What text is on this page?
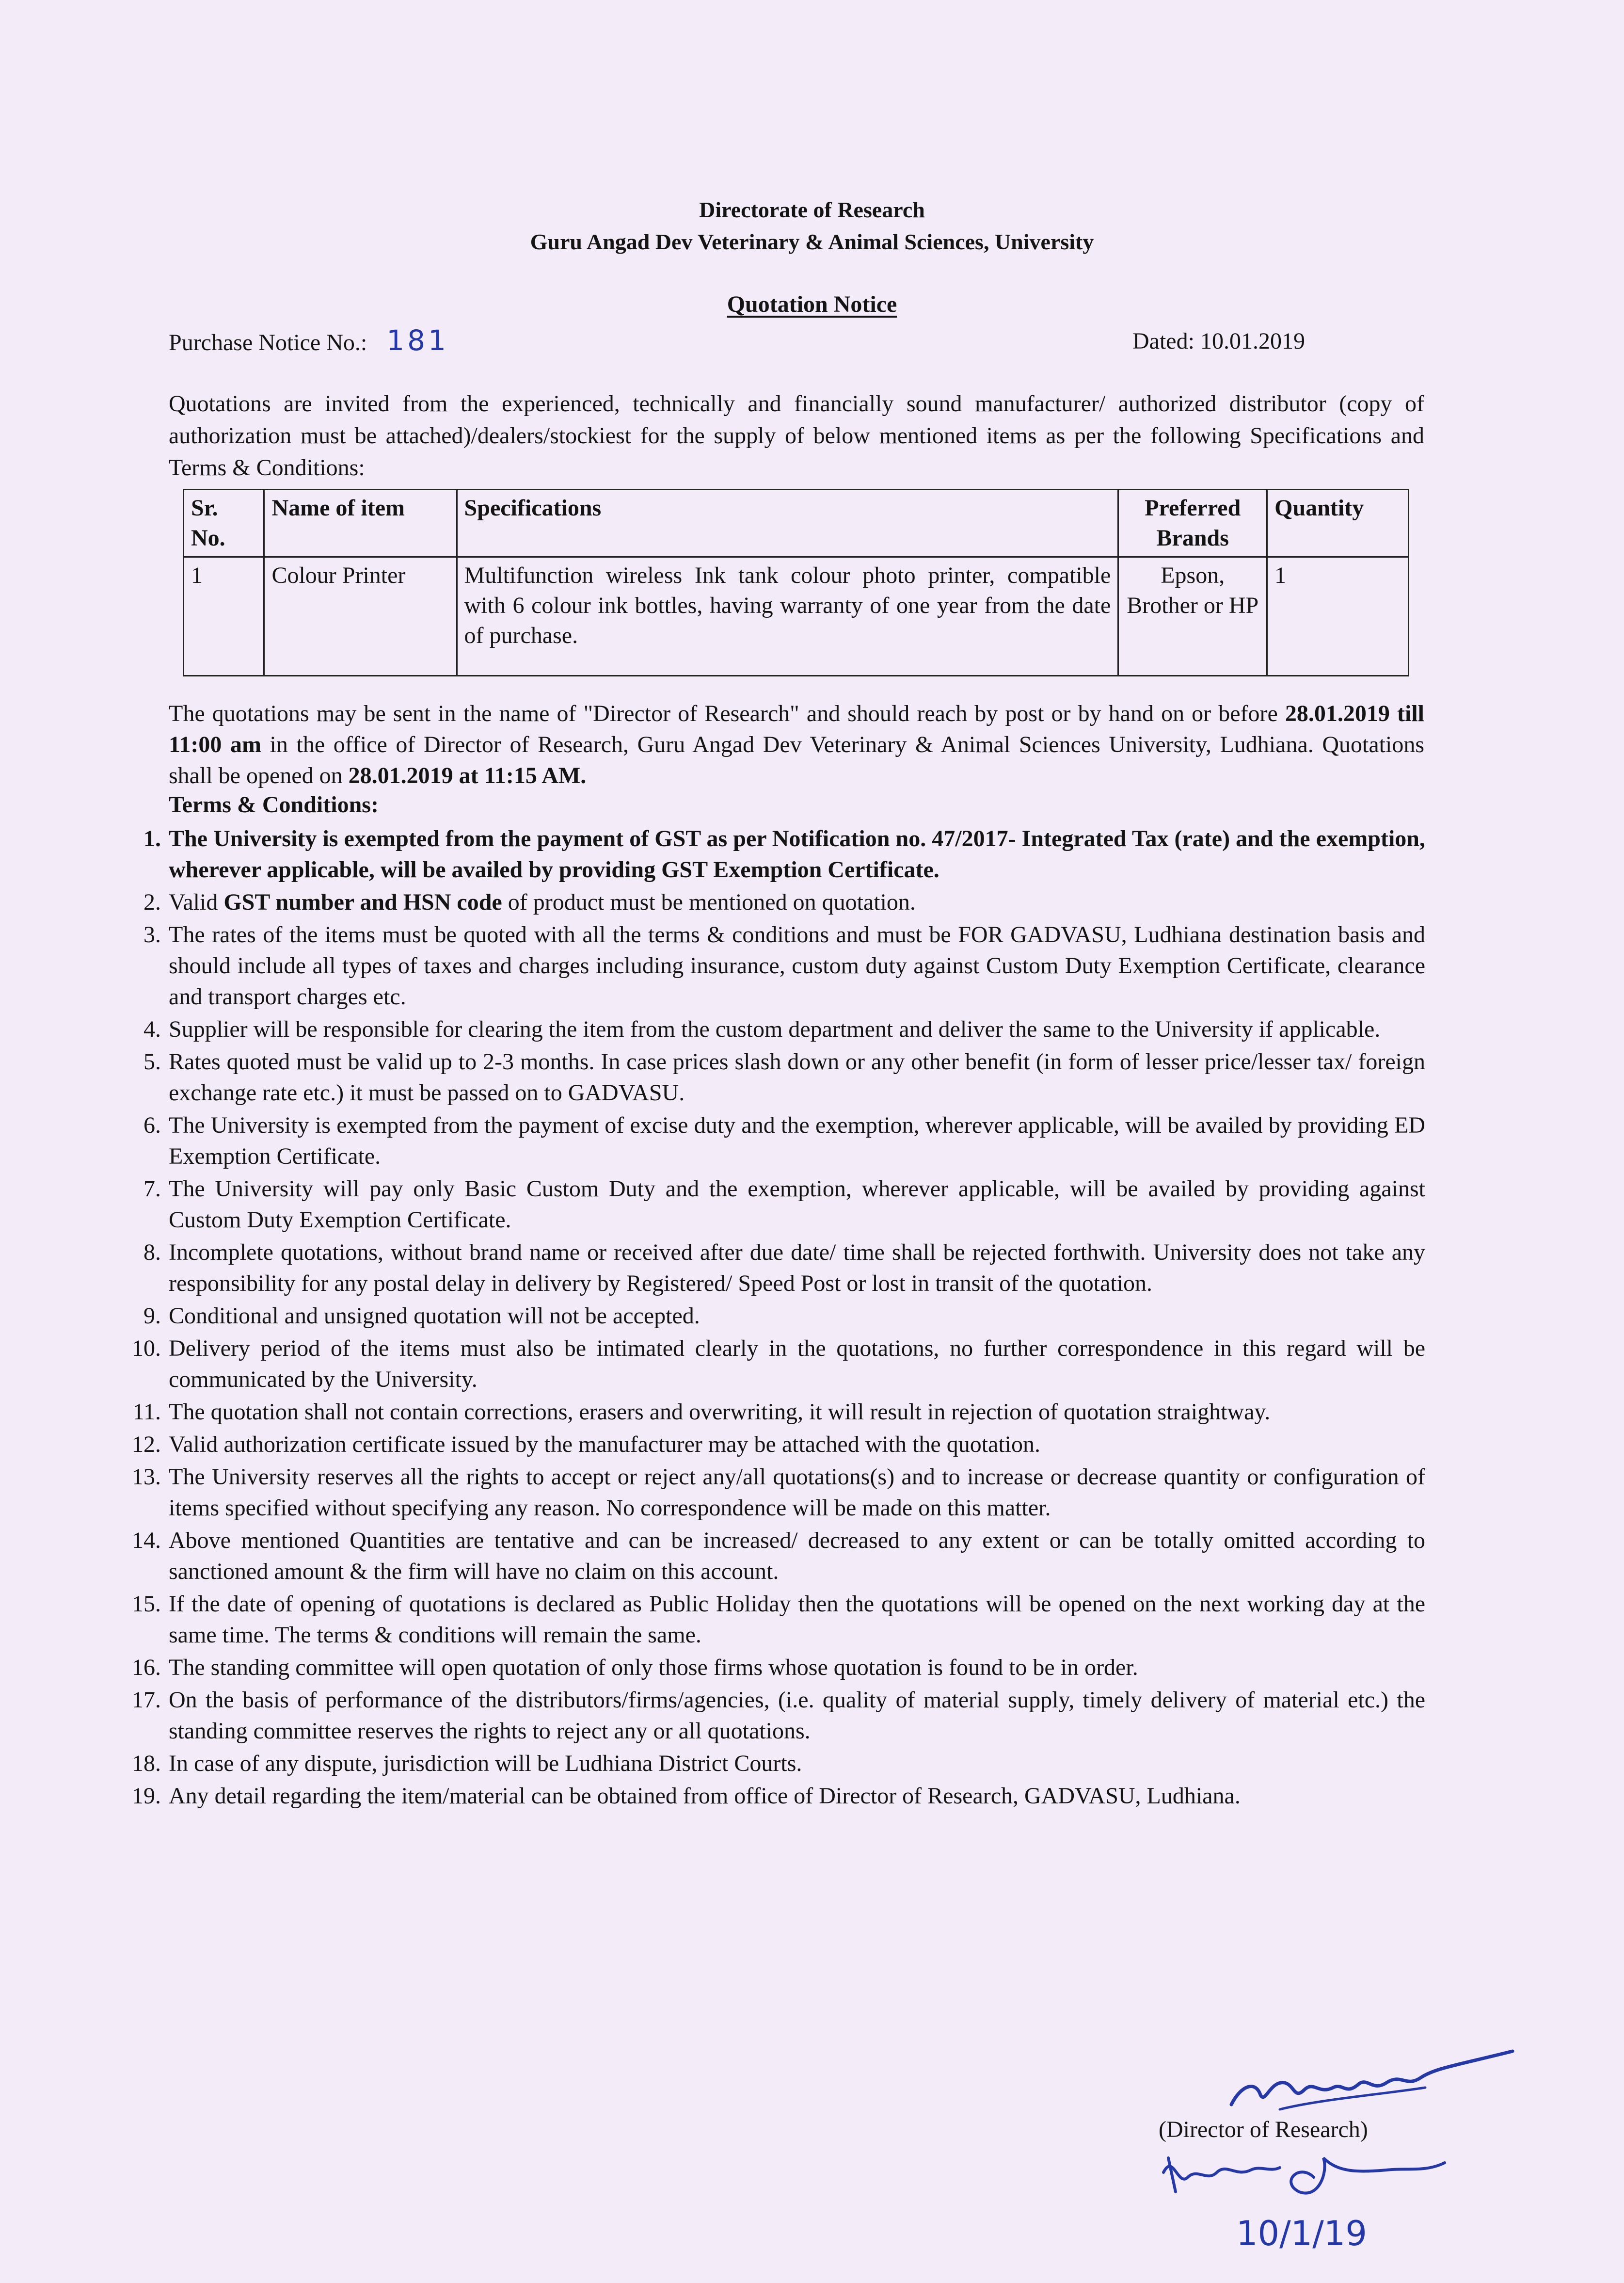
Directorate of Research
Guru Angad Dev Veterinary & Animal Sciences, University
Quotation Notice
Purchase Notice No.: 181	Dated: 10.01.2019
Quotations are invited from the experienced, technically and financially sound manufacturer/ authorized distributor (copy of authorization must be attached)/dealers/stockiest for the supply of below mentioned items as per the following Specifications and Terms & Conditions:
Sr. No.	Name of item	Specifications	Preferred Brands	Quantity
1	Colour Printer	Multifunction wireless Ink tank colour photo printer, compatible with 6 colour ink bottles, having warranty of one year from the date of purchase.	Epson, Brother or HP	1
The quotations may be sent in the name of "Director of Research" and should reach by post or by hand on or before 28.01.2019 till 11:00 am in the office of Director of Research, Guru Angad Dev Veterinary & Animal Sciences University, Ludhiana. Quotations shall be opened on 28.01.2019 at 11:15 AM.
Terms & Conditions:
1. The University is exempted from the payment of GST as per Notification no. 47/2017- Integrated Tax (rate) and the exemption, wherever applicable, will be availed by providing GST Exemption Certificate.
2. Valid GST number and HSN code of product must be mentioned on quotation.
3. The rates of the items must be quoted with all the terms & conditions and must be FOR GADVASU, Ludhiana destination basis and should include all types of taxes and charges including insurance, custom duty against Custom Duty Exemption Certificate, clearance and transport charges etc.
4. Supplier will be responsible for clearing the item from the custom department and deliver the same to the University if applicable.
5. Rates quoted must be valid up to 2-3 months. In case prices slash down or any other benefit (in form of lesser price/lesser tax/ foreign exchange rate etc.) it must be passed on to GADVASU.
6. The University is exempted from the payment of excise duty and the exemption, wherever applicable, will be availed by providing ED Exemption Certificate.
7. The University will pay only Basic Custom Duty and the exemption, wherever applicable, will be availed by providing against Custom Duty Exemption Certificate.
8. Incomplete quotations, without brand name or received after due date/ time shall be rejected forthwith. University does not take any responsibility for any postal delay in delivery by Registered/ Speed Post or lost in transit of the quotation.
9. Conditional and unsigned quotation will not be accepted.
10. Delivery period of the items must also be intimated clearly in the quotations, no further correspondence in this regard will be communicated by the University.
11. The quotation shall not contain corrections, erasers and overwriting, it will result in rejection of quotation straightway.
12. Valid authorization certificate issued by the manufacturer may be attached with the quotation.
13. The University reserves all the rights to accept or reject any/all quotations(s) and to increase or decrease quantity or configuration of items specified without specifying any reason. No correspondence will be made on this matter.
14. Above mentioned Quantities are tentative and can be increased/ decreased to any extent or can be totally omitted according to sanctioned amount & the firm will have no claim on this account.
15. If the date of opening of quotations is declared as Public Holiday then the quotations will be opened on the next working day at the same time. The terms & conditions will remain the same.
16. The standing committee will open quotation of only those firms whose quotation is found to be in order.
17. On the basis of performance of the distributors/firms/agencies, (i.e. quality of material supply, timely delivery of material etc.) the standing committee reserves the rights to reject any or all quotations.
18. In case of any dispute, jurisdiction will be Ludhiana District Courts.
19. Any detail regarding the item/material can be obtained from office of Director of Research, GADVASU, Ludhiana.
(Director of Research)
10/1/19
